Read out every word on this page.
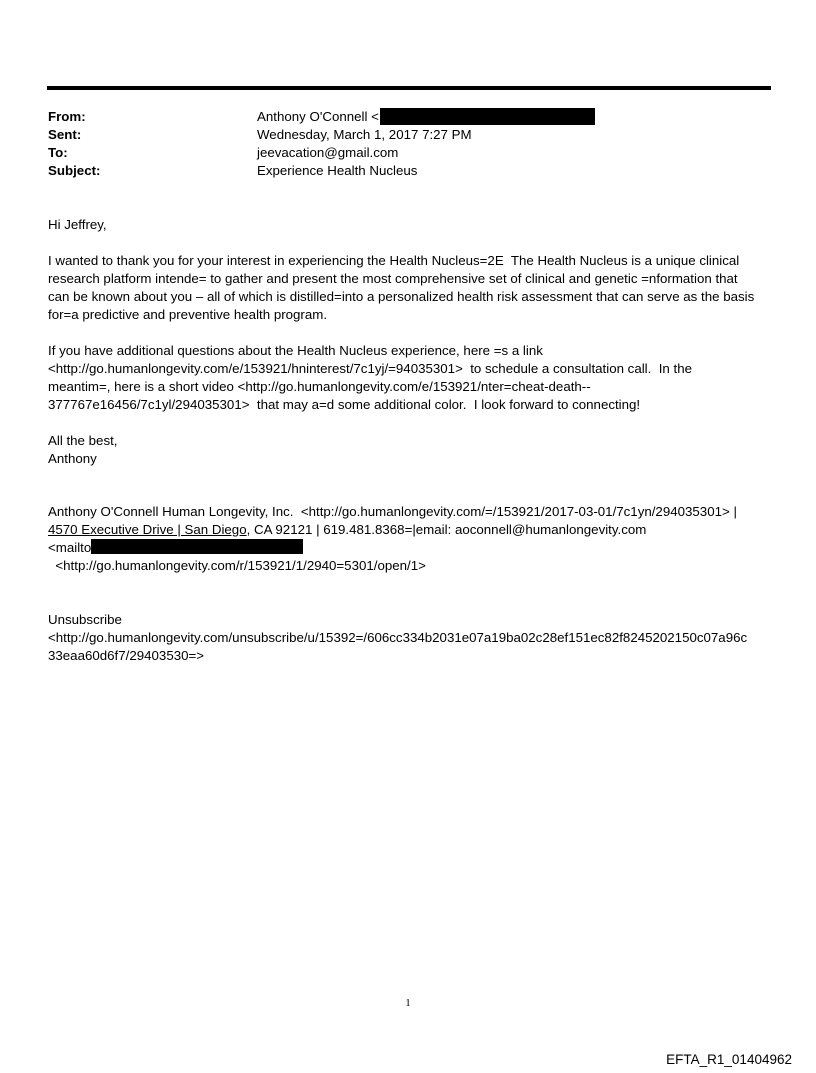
From:	Anthony O'Connell <
Sent:	Wednesday, March 1, 2017 7:27 PM
To:	jeevacation@gmail.com
Subject:	Experience Health Nucleus
Hi Jeffrey,
I wanted to thank you for your interest in experiencing the Health Nucleus=2E  The Health Nucleus is a unique clinical
research platform intende= to gather and present the most comprehensive set of clinical and genetic =nformation that
can be known about you – all of which is distilled=into a personalized health risk assessment that can serve as the basis
for=a predictive and preventive health program.
If you have additional questions about the Health Nucleus experience, here =s a link
<http://go.humanlongevity.com/e/153921/hninterest/7c1yj/=94035301>  to schedule a consultation call.  In the
meantim=, here is a short video <http://go.humanlongevity.com/e/153921/nter=cheat-death--
377767e16456/7c1yl/294035301>  that may a=d some additional color.  I look forward to connecting!
All the best,
Anthony
Anthony O'Connell Human Longevity, Inc.  <http://go.humanlongevity.com/=/153921/2017-03-01/7c1yn/294035301> |
4570 Executive Drive | San Diego, CA 92121 | 619.481.8368=|email: aoconnell@humanlongevity.com
<mailto
<http://go.humanlongevity.com/r/153921/1/2940=5301/open/1>
Unsubscribe
<http://go.humanlongevity.com/unsubscribe/u/15392=/606cc334b2031e07a19ba02c28ef151ec82f8245202150c07a96c
33eaa60d6f7/29403530=>
1
EFTA_R1_01404962
